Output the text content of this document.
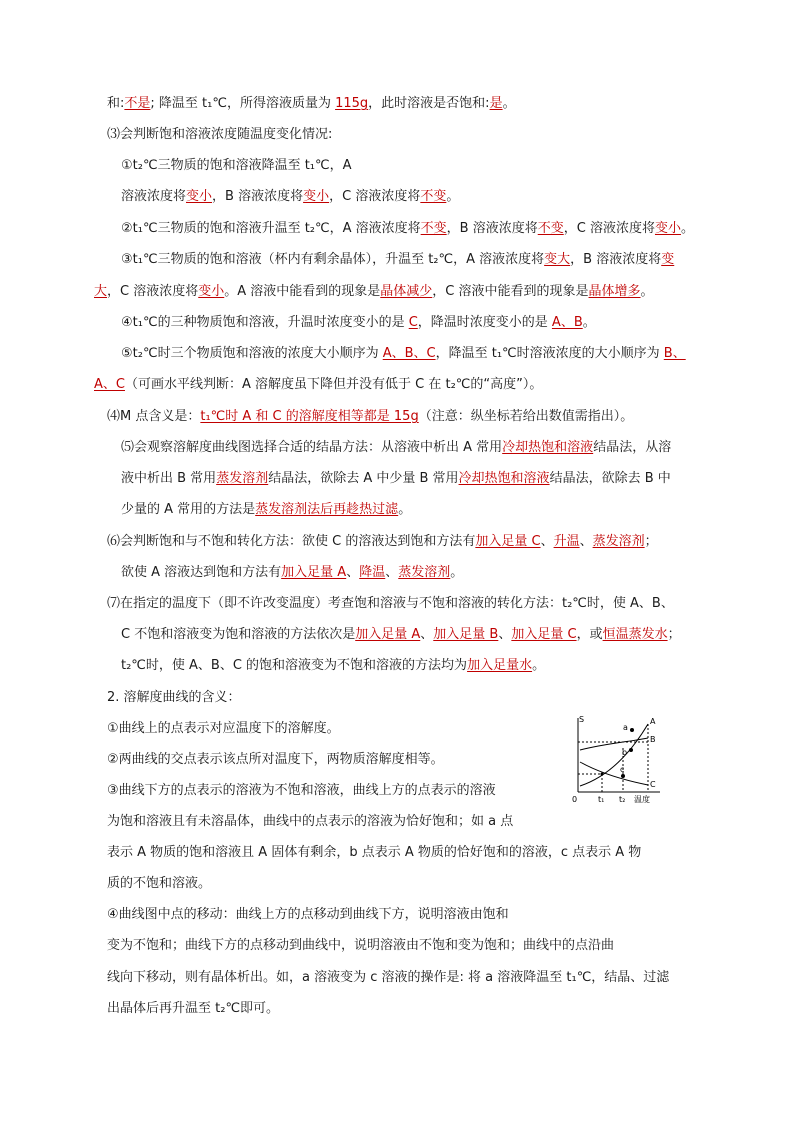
和:不是; 降温至 t₁℃，所得溶液质量为 115g，此时溶液是否饱和:是。
⑶会判断饱和溶液浓度随温度变化情况:
①t₂℃三物质的饱和溶液降温至 t₁℃，A
溶液浓度将变小，B 溶液浓度将变小，C 溶液浓度将不变。
②t₁℃三物质的饱和溶液升温至 t₂℃，A 溶液浓度将不变，B 溶液浓度将不变，C 溶液浓度将变小。
③t₁℃三物质的饱和溶液（杯内有剩余晶体），升温至 t₂℃，A 溶液浓度将变大，B 溶液浓度将变
大，C 溶液浓度将变小。A 溶液中能看到的现象是晶体减少，C 溶液中能看到的现象是晶体增多。
④t₁℃的三种物质饱和溶液，升温时浓度变小的是 C，降温时浓度变小的是 A、B。
⑤t₂℃时三个物质饱和溶液的浓度大小顺序为 A、B、C，降温至 t₁℃时溶液浓度的大小顺序为 B、
A、C（可画水平线判断：A 溶解度虽下降但并没有低于 C 在 t₂℃的“高度”）。
⑷M 点含义是：t₁℃时 A 和 C 的溶解度相等都是 15g（注意：纵坐标若给出数值需指出）。
⑸会观察溶解度曲线图选择合适的结晶方法：从溶液中析出 A 常用冷却热饱和溶液结晶法，从溶
液中析出 B 常用蒸发溶剂结晶法，欲除去 A 中少量 B 常用冷却热饱和溶液结晶法，欲除去 B 中
少量的 A 常用的方法是蒸发溶剂法后再趁热过滤。
⑹会判断饱和与不饱和转化方法：欲使 C 的溶液达到饱和方法有加入足量 C、升温、蒸发溶剂；
欲使 A 溶液达到饱和方法有加入足量 A、降温、蒸发溶剂。
⑺在指定的温度下（即不许改变温度）考查饱和溶液与不饱和溶液的转化方法：t₂℃时，使 A、B、
C 不饱和溶液变为饱和溶液的方法依次是加入足量 A、加入足量 B、加入足量 C，或恒温蒸发水；
t₂℃时，使 A、B、C 的饱和溶液变为不饱和溶液的方法均为加入足量水。
2. 溶解度曲线的含义：
①曲线上的点表示对应温度下的溶解度。
②两曲线的交点表示该点所对温度下，两物质溶解度相等。
③曲线下方的点表示的溶液为不饱和溶液，曲线上方的点表示的溶液
为饱和溶液且有未溶晶体，曲线中的点表示的溶液为恰好饱和；如 a 点
表示 A 物质的饱和溶液且 A 固体有剩余，b 点表示 A 物质的恰好饱和的溶液，c 点表示 A 物
质的不饱和溶液。
④曲线图中点的移动：曲线上方的点移动到曲线下方，说明溶液由饱和
变为不饱和；曲线下方的点移动到曲线中，说明溶液由不饱和变为饱和；曲线中的点沿曲
线向下移动，则有晶体析出。如，a 溶液变为 c 溶液的操作是: 将 a 溶液降温至 t₁℃，结晶、过滤
出晶体后再升温至 t₂℃即可。
S
0	t₁ t₂ 温度
A
B
C
a
b
c
